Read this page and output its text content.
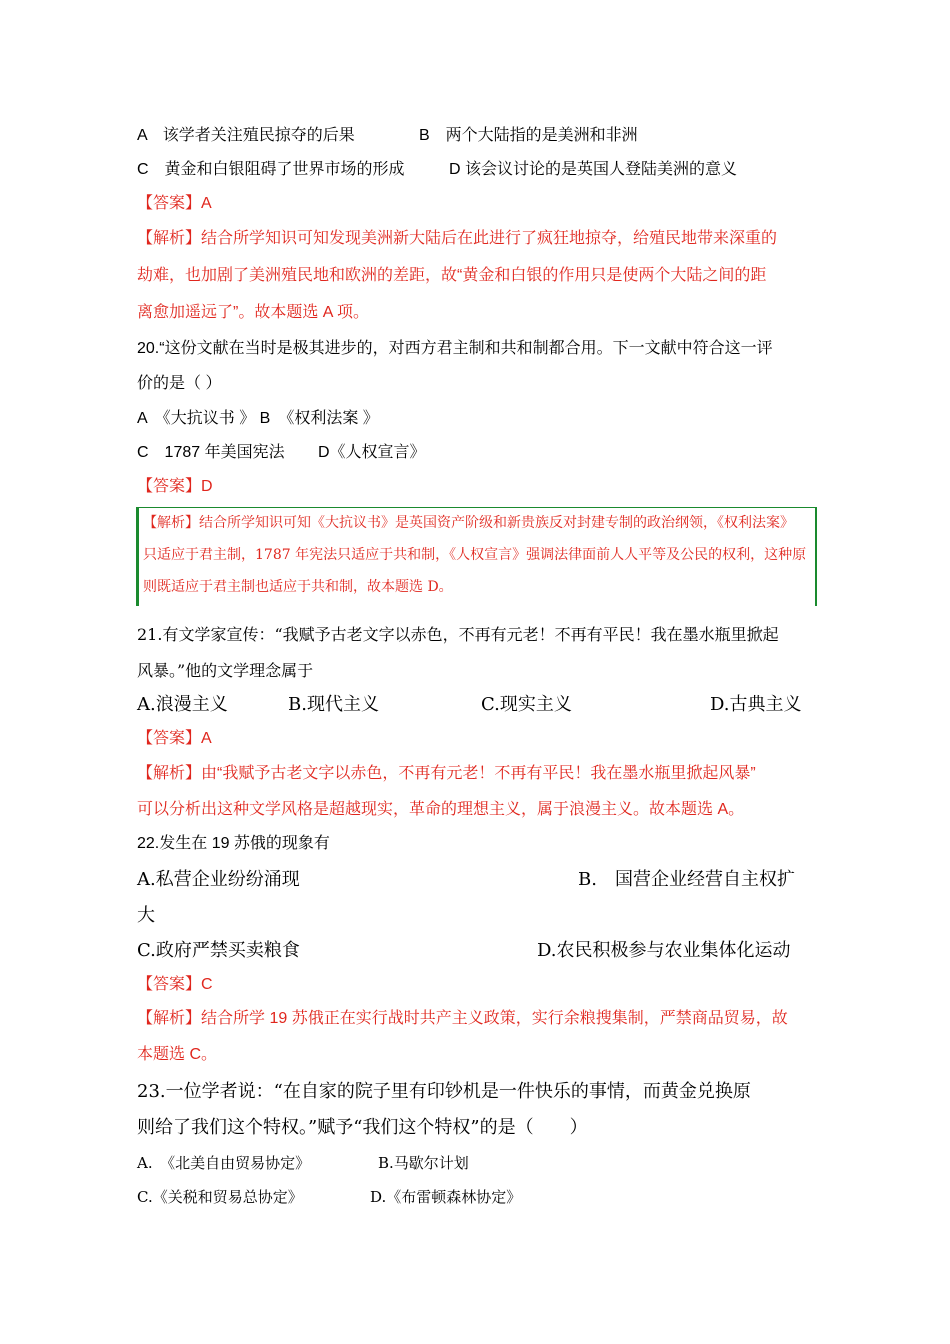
A　该学者关注殖民掠夺的后果	B　两个大陆指的是美洲和非洲
C　黄金和白银阻碍了世界市场的形成	D 该会议讨论的是英国人登陆美洲的意义
【答案】A
【解析】结合所学知识可知发现美洲新大陆后在此进行了疯狂地掠夺，给殖民地带来深重的
劫难，也加剧了美洲殖民地和欧洲的差距，故“黄金和白银的作用只是使两个大陆之间的距
离愈加遥远了”。故本题选 A 项。
20.“这份文献在当时是极其进步的，对西方君主制和共和制都合用。下一文献中符合这一评
价的是（ ）
A　《大抗议书 》 B　《权利法案 》
C　1787 年美国宪法 D《人权宣言》
【答案】D
【解析】结合所学知识可知《大抗议书》是英国资产阶级和新贵族反对封建专制的政治纲领，《权利法案》
只适应于君主制，1787 年宪法只适应于共和制，《人权宣言》强调法律面前人人平等及公民的权利，这种原
则既适应于君主制也适应于共和制，故本题选 D。
21.有文学家宣传：“我赋予古老文字以赤色，不再有元老！不再有平民！我在墨水瓶里掀起
风暴。”他的文学理念属于
A.浪漫主义	B.现代主义	C.现实主义	D.古典主义
【答案】A
【解析】由“我赋予古老文字以赤色，不再有元老！不再有平民！我在墨水瓶里掀起风暴”
可以分析出这种文学风格是超越现实，革命的理想主义，属于浪漫主义。故本题选 A。
22.发生在 19 苏俄的现象有
A.私营企业纷纷涌现	B.　国营企业经营自主权扩
大
C.政府严禁买卖粮食	D.农民积极参与农业集体化运动
【答案】C
【解析】结合所学 19 苏俄正在实行战时共产主义政策，实行余粮搜集制，严禁商品贸易，故
本题选 C。
23.一位学者说：“在自家的院子里有印钞机是一件快乐的事情，而黄金兑换原
则给了我们这个特权。”赋予“我们这个特权”的是（　　）
A.　《北美自由贸易协定》	B.马歇尔计划
C.《关税和贸易总协定》	D.《布雷顿森林协定》
